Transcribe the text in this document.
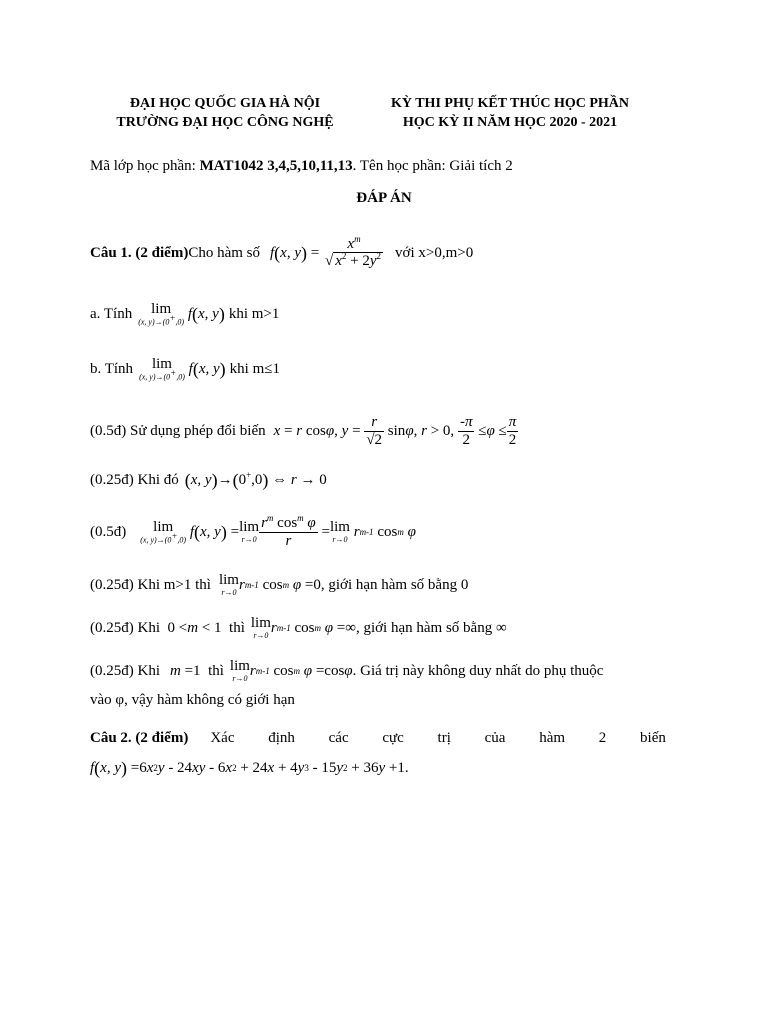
ĐẠI HỌC QUỐC GIA HÀ NỘI
TRƯỜNG ĐẠI HỌC CÔNG NGHỆ
KỲ THI PHỤ KẾT THÚC HỌC PHẦN
HỌC KỲ II NĂM HỌC 2020 - 2021
Mã lớp học phần: MAT1042 3,4,5,10,11,13. Tên học phần: Giải tích 2
ĐÁP ÁN
Câu 1. (2 điểm) Cho hàm số f ( x, y ) =
$x^m$
√ $x^2 + 2y^2$ với x>0,m>0
a. Tính	lim
(x, y)→(0+,0)
f ( x, y ) khi m>1
b. Tính	lim
(x, y)→(0+,0)
f ( x, y ) khi m≤1
(0.5đ) Sử dụng phép đổi biến x = r cos φ , $y = \frac{r}{√2}$ sin φ , r > 0, $\frac{-\pi}{2} \le \varphi \le \frac{\pi}{2}$
(0.25đ) Khi đó ( x, y ) → ( 0+,0 ) ⇔ r → 0
(0.5đ)	lim
(x, y)→(0+,0)
f ( x, y ) = lim
$r\to 0 \frac{r^m \cos^m \varphi}{r} = \lim$
r→0 r m-1 cos m φ
(0.25đ) Khi m>1 thì lim
r→0 r m-1 cos m φ =0 , giới hạn hàm số bằng 0
(0.25đ) Khi 0 < m < 1 thì lim
r→0 r m-1 cos m φ =∞ , giới hạn hàm số bằng ∞
(0.25đ) Khi m =1 thì lim
r→0 r m-1 cos m φ =cos φ . Giá trị này không duy nhất do phụ thuộc
vào φ, vậy hàm không có giới hạn
Câu 2. (2 điểm)	Xác định các cực trị của hàm 2 biến
f ( x, y ) =6 x 2 y - 24 xy - 6 x 2 + 24 x + 4 y 3 - 15 y 2 + 36 y +1 .
